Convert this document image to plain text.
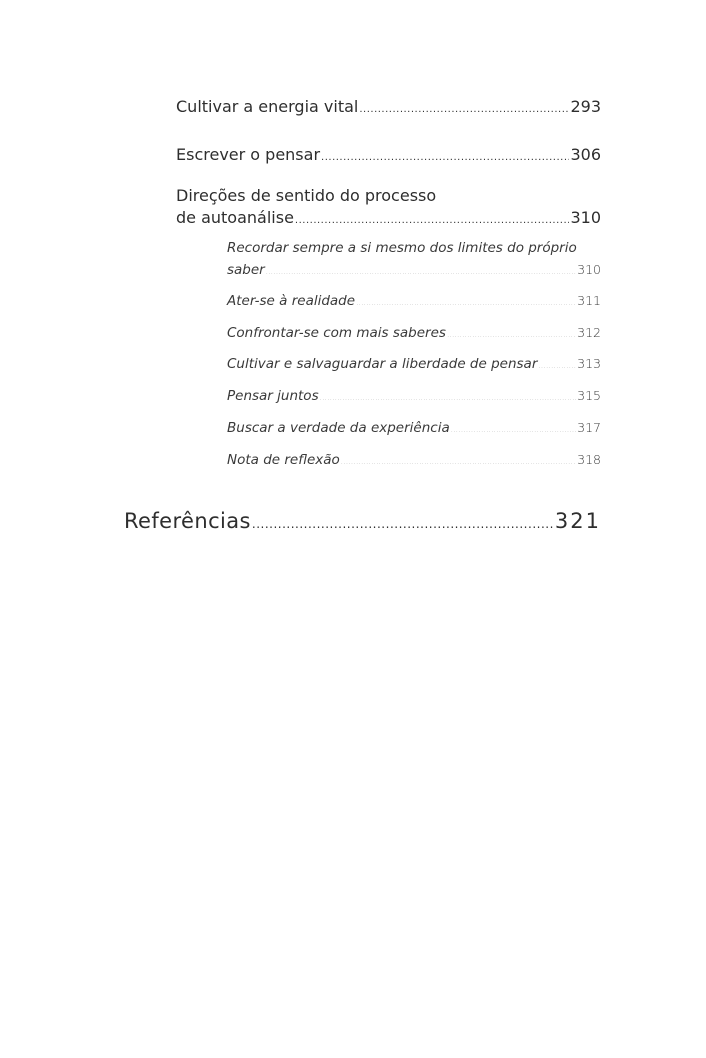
Cultivar a energia vital .....	293
Escrever o pensar .....	306
Direções de sentido do processo
de autoanálise .....	310
Recordar sempre a si mesmo dos limites do próprio
saber .....	310
Ater-se à realidade .....	311
Confrontar-se com mais saberes .....	312
Cultivar e salvaguardar a liberdade de pensar .....	313
Pensar juntos .....	315
Buscar a verdade da experiência .....	317
Nota de reflexão .....	318
Referências .....	321
